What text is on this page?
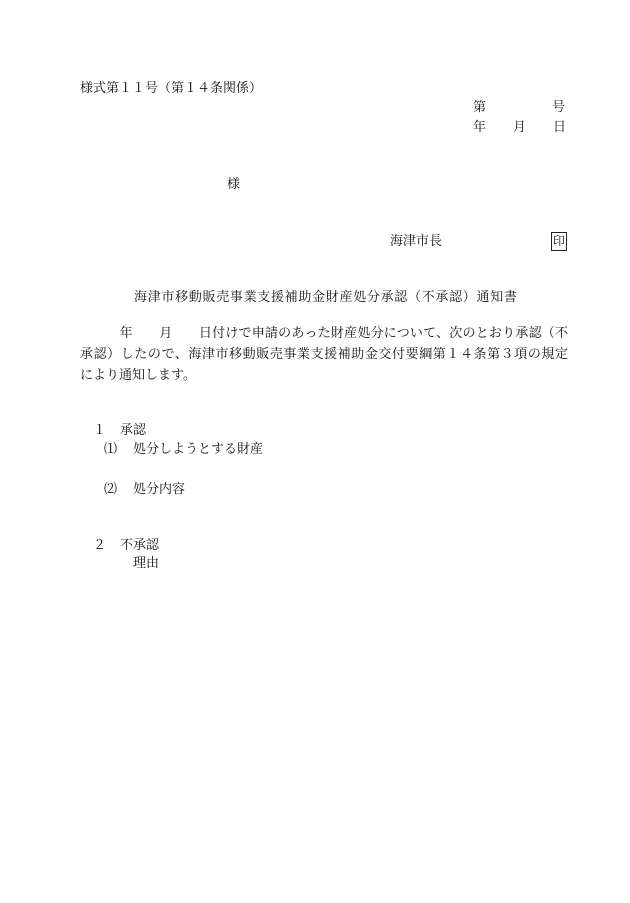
様式第１１号（第１４条関係）
第	号
年 月 日
様
海津市長	印
海津市移動販売事業支援補助金財産処分承認（不承認）通知書
　　　年　　月　　日付けで申請のあった財産処分について、次のとおり承認（不
承認）したので、海津市移動販売事業支援補助金交付要綱第１４条第３項の規定
により通知します。
１ 承認
⑴ 処分しようとする財産
⑵ 処分内容
２ 不承認
理由
